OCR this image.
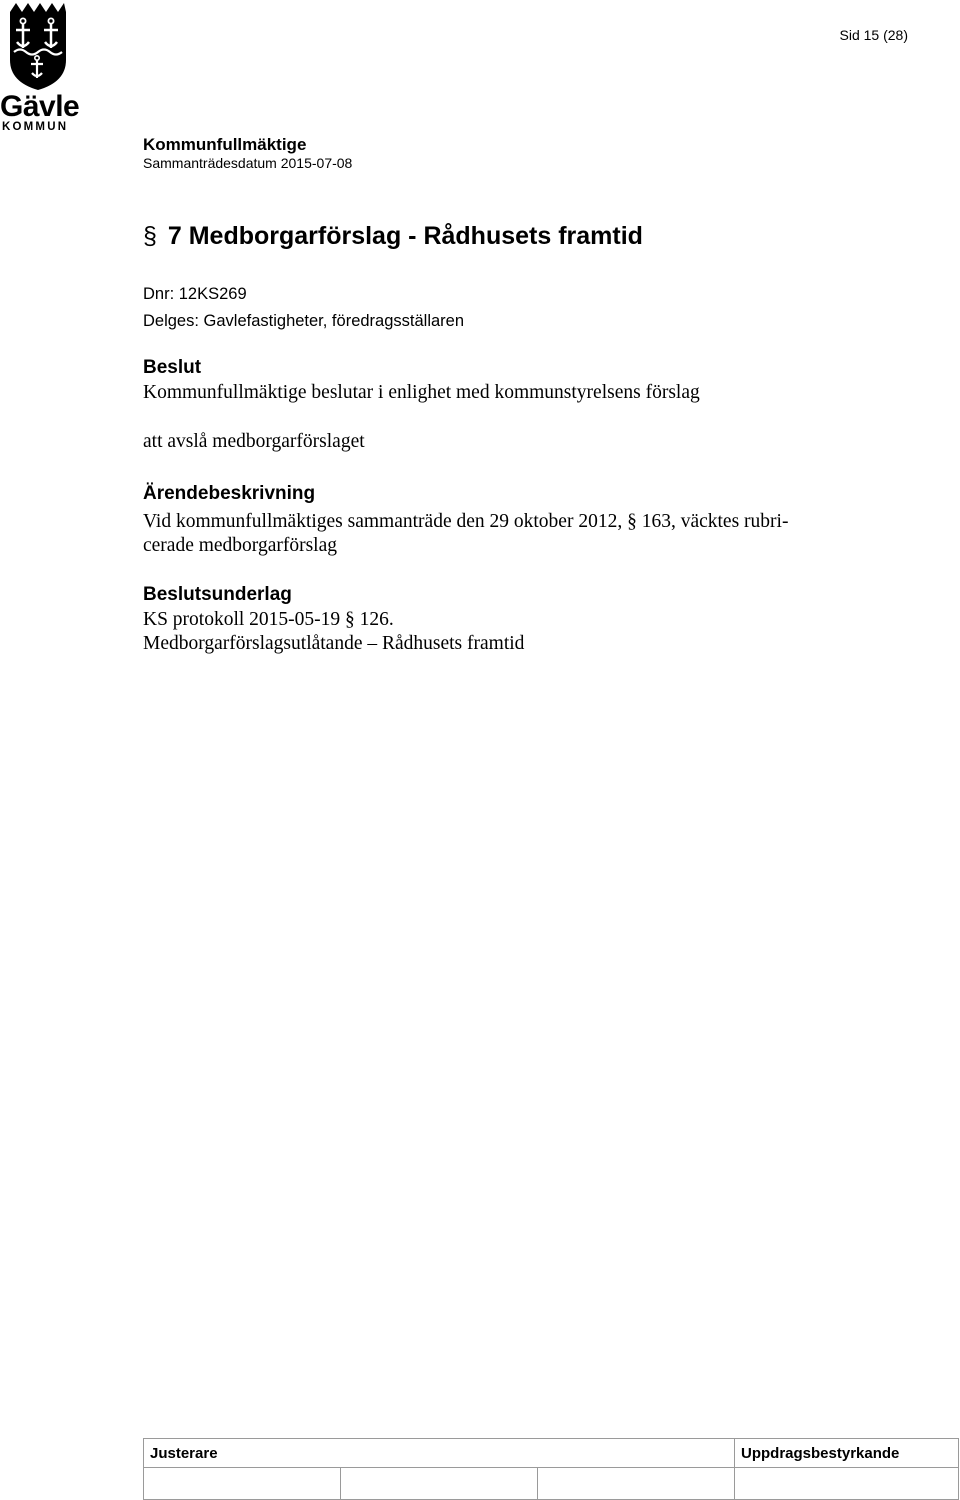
Gävle
KOMMUN
Sid 15 (28)
Kommunfullmäktige
Sammanträdesdatum 2015-07-08
§ 7 Medborgarförslag - Rådhusets framtid
Dnr: 12KS269
Delges: Gavlefastigheter, föredragsställaren
Beslut
Kommunfullmäktige beslutar i enlighet med kommunstyrelsens förslag
att avslå medborgarförslaget
Ärendebeskrivning
Vid kommunfullmäktiges sammanträde den 29 oktober 2012, § 163, väcktes rubri-
cerade medborgarförslag
Beslutsunderlag
KS protokoll 2015-05-19 § 126.
Medborgarförslagsutlåtande – Rådhusets framtid
Justerare			Uppdragsbestyrkande
